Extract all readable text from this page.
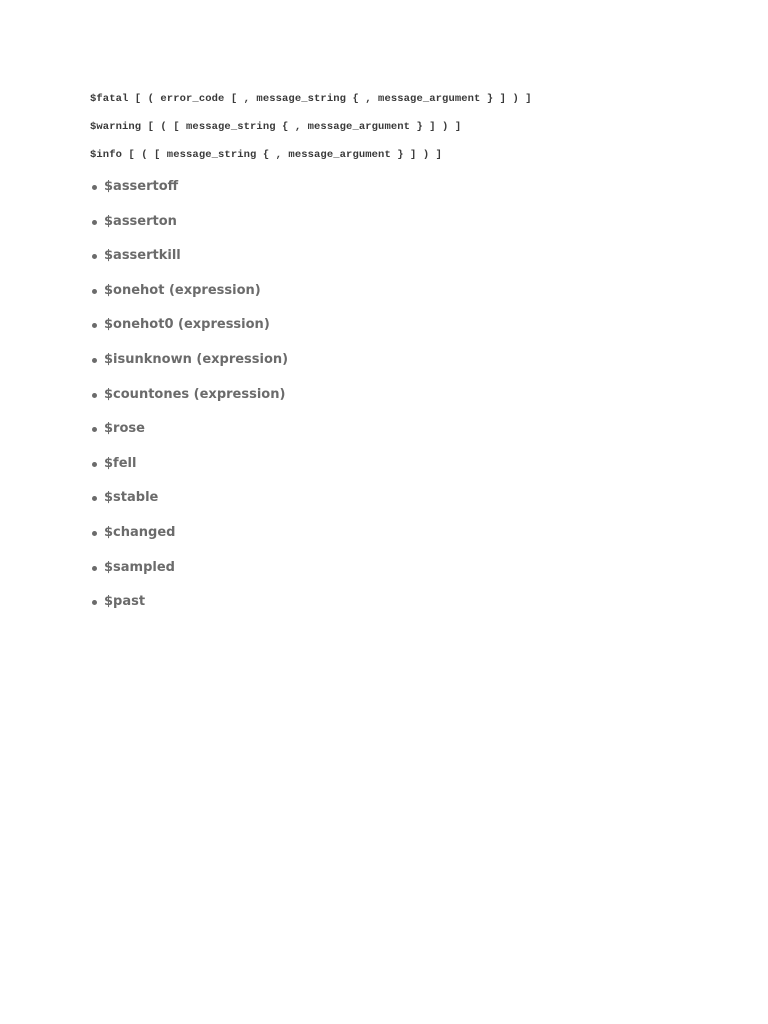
$fatal [ ( error_code [ , message_string { , message_argument } ] ) ]
$warning [ ( [ message_string { , message_argument } ] ) ]
$info [ ( [ message_string { , message_argument } ] ) ]
$assertoff
$asserton
$assertkill
$onehot (expression)
$onehot0 (expression)
$isunknown (expression)
$countones (expression)
$rose
$fell
$stable
$changed
$sampled
$past
